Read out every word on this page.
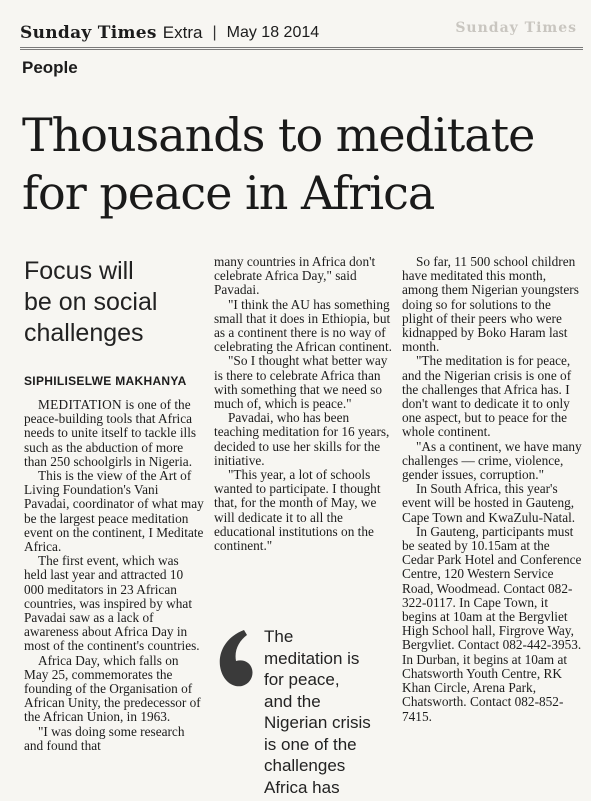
Sunday Times Extra | May 18 2014	Sunday Times
People
Thousands to meditate
for peace in Africa
Focus will
be on social
challenges
SIPHILISELWE MAKHANYA

MEDITATION is one of the peace-building tools that Africa needs to unite itself to tackle ills such as the abduction of more than 250 schoolgirls in Nigeria.

This is the view of the Art of Living Foundation's Vani Pavadai, coordinator of what may be the largest peace meditation event on the continent, I Meditate Africa.

The first event, which was held last year and attracted 10 000 meditators in 23 African countries, was inspired by what Pavadai saw as a lack of awareness about Africa Day in most of the continent's countries.

Africa Day, which falls on May 25, commemorates the founding of the Organisation of African Unity, the predecessor of the African Union, in 1963.

"I was doing some research and found that

many countries in Africa don't celebrate Africa Day," said Pavadai.

"I think the AU has something small that it does in Ethiopia, but as a continent there is no way of celebrating the African continent.

"So I thought what better way is there to celebrate Africa than with something that we need so much of, which is peace."

Pavadai, who has been teaching meditation for 16 years, decided to use her skills for the initiative.

"This year, a lot of schools wanted to participate. I thought that, for the month of May, we will dedicate it to all the educational institutions on the continent."

So far, 11 500 school children have meditated this month, among them Nigerian youngsters doing so for solutions to the plight of their peers who were kidnapped by Boko Haram last month.

"The meditation is for peace, and the Nigerian crisis is one of the challenges that Africa has. I don't want to dedicate it to only one aspect, but to peace for the whole continent.

"As a continent, we have many challenges — crime, violence, gender issues, corruption."

In South Africa, this year's event will be hosted in Gauteng, Cape Town and KwaZulu-Natal.

In Gauteng, participants must be seated by 10.15am at the Cedar Park Hotel and Conference Centre, 120 Western Service Road, Woodmead. Contact 082-322-0117. In Cape Town, it begins at 10am at the Bergvliet High School hall, Firgrove Way, Bergvliet. Contact 082-442-3953. In Durban, it begins at 10am at Chatsworth Youth Centre, RK Khan Circle, Arena Park, Chatsworth. Contact 082-852-7415.

The
meditation is
for peace,
and the
Nigerian crisis
is one of the
challenges
Africa has
